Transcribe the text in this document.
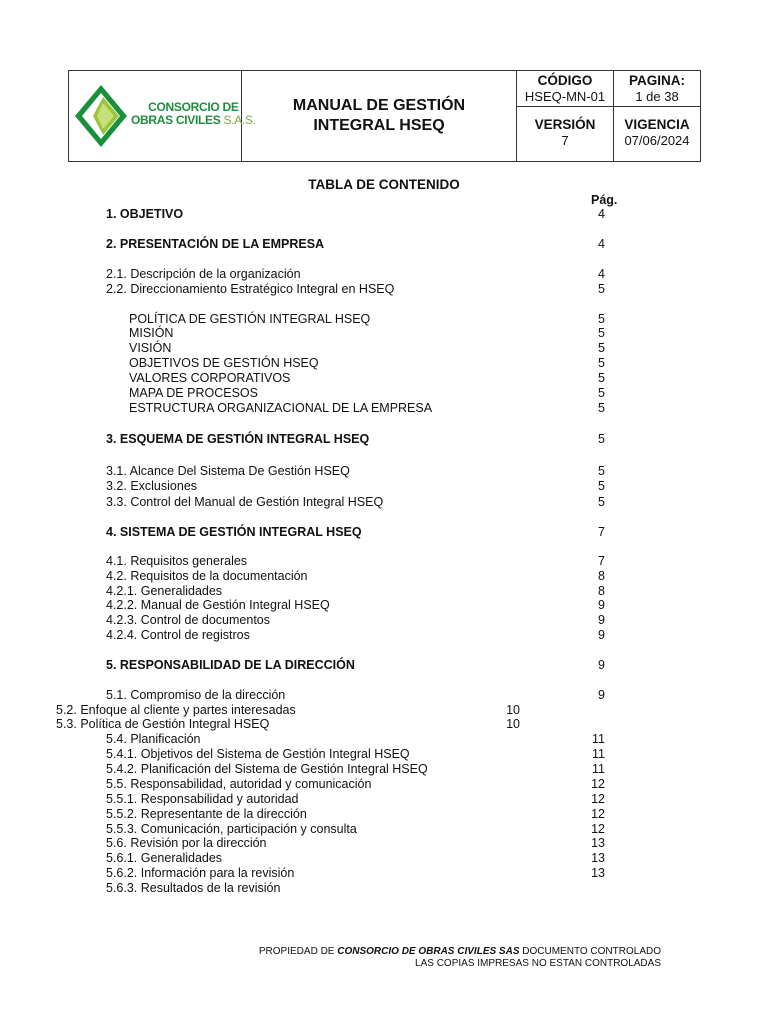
CONSORCIO DE
OBRAS CIVILES S.A.S.
MANUAL DE GESTIÓN INTEGRAL HSEQ
CÓDIGO
HSEQ-MN-01
PAGINA:
1 de 38
VERSIÓN
7
VIGENCIA
07/06/2024
TABLA DE CONTENIDO
Pág.
1. OBJETIVO	4
2. PRESENTACIÓN DE LA EMPRESA	4
2.1. Descripción de la organización	4
2.2. Direccionamiento Estratégico Integral en HSEQ	5
POLÍTICA DE GESTIÓN INTEGRAL HSEQ	5
MISIÓN	5
VISIÓN	5
OBJETIVOS DE GESTIÓN HSEQ	5
VALORES CORPORATIVOS	5
MAPA DE PROCESOS	5
ESTRUCTURA ORGANIZACIONAL DE LA EMPRESA	5
3. ESQUEMA DE GESTIÓN INTEGRAL HSEQ	5
3.1. Alcance Del Sistema De Gestión HSEQ	5
3.2. Exclusiones	5
3.3. Control del Manual de Gestión Integral HSEQ	5
4. SISTEMA DE GESTIÓN INTEGRAL HSEQ	7
4.1. Requisitos generales	7
4.2. Requisitos de la documentación	8
4.2.1. Generalidades	8
4.2.2. Manual de Gestión Integral HSEQ	9
4.2.3. Control de documentos	9
4.2.4. Control de registros	9
5. RESPONSABILIDAD DE LA DIRECCIÓN	9
5.1. Compromiso de la dirección	9
5.2. Enfoque al cliente y partes interesadas	10
5.3. Política de Gestión Integral HSEQ	10
5.4. Planificación	11
5.4.1. Objetivos del Sistema de Gestión Integral HSEQ	11
5.4.2. Planificación del Sistema de Gestión Integral HSEQ	11
5.5. Responsabilidad, autoridad y comunicación	12
5.5.1. Responsabilidad y autoridad	12
5.5.2. Representante de la dirección	12
5.5.3. Comunicación, participación y consulta	12
5.6. Revisión por la dirección	13
5.6.1. Generalidades	13
5.6.2. Información para la revisión	13
5.6.3. Resultados de la revisión
PROPIEDAD DE CONSORCIO DE OBRAS CIVILES SAS DOCUMENTO CONTROLADO
LAS COPIAS IMPRESAS NO ESTAN CONTROLADAS
